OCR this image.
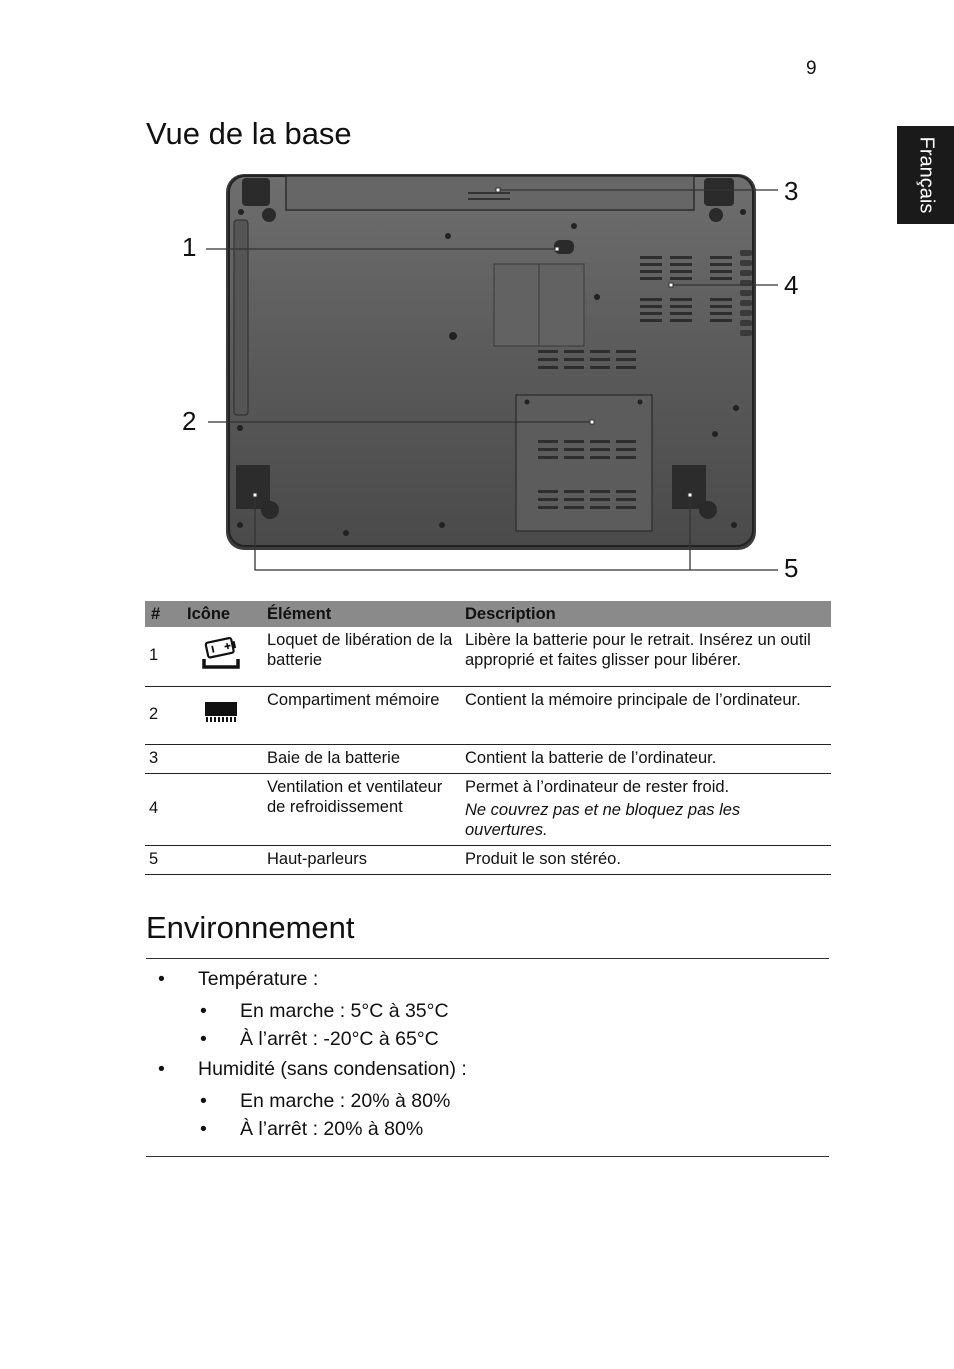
9
Français
Vue de la base
1
2
3
4
5
#	Icône	Élément	Description
1		Loquet de libération de la batterie	Libère la batterie pour le retrait. Insérez un outil approprié et faites glisser pour libérer.
2		Compartiment mémoire	Contient la mémoire principale de l’ordinateur.
3		Baie de la batterie	Contient la batterie de l’ordinateur.
4		Ventilation et ventilateur de refroidissement	Permet à l’ordinateur de rester froid.
Ne couvrez pas et ne bloquez pas les ouvertures.

5		Haut-parleurs	Produit le son stéréo.
Environnement
• Température :
• En marche : 5°C à 35°C
• À l’arrêt : -20°C à 65°C
• Humidité (sans condensation) :
• En marche : 20% à 80%
• À l’arrêt : 20% à 80%
